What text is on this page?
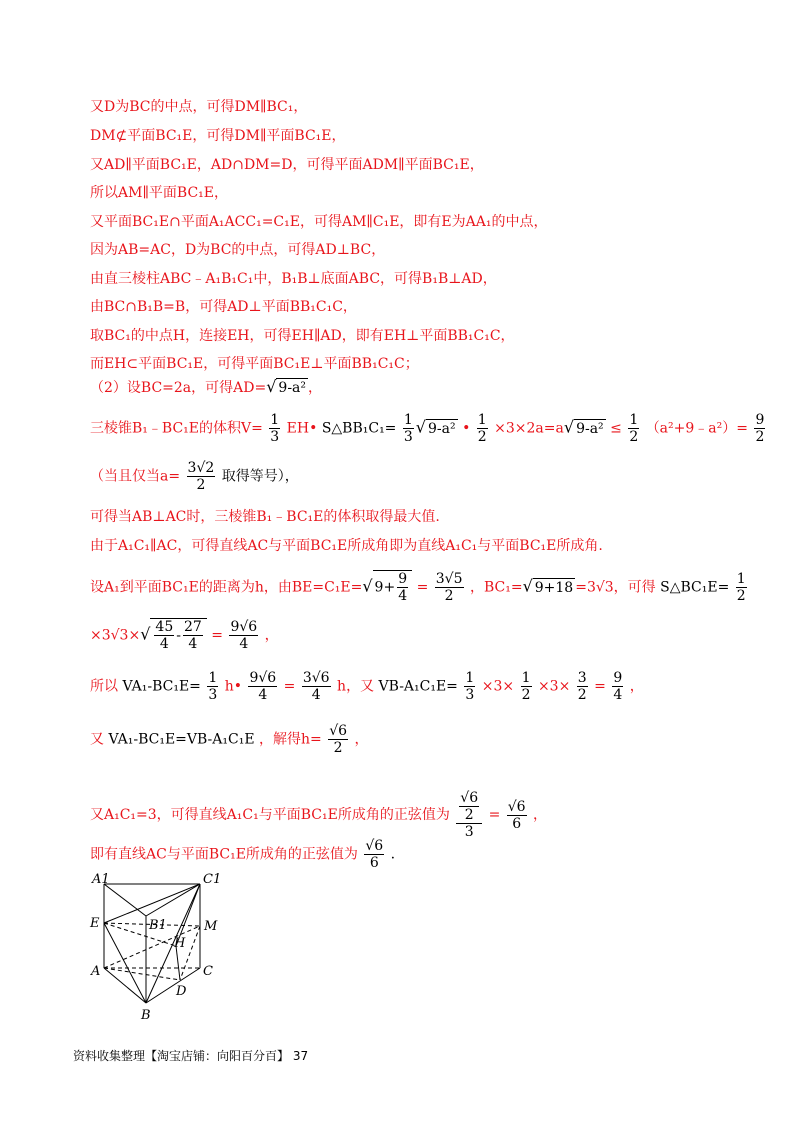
又D为BC的中点，可得DM∥BC₁，
DM⊄平面BC₁E，可得DM∥平面BC₁E，
又AD∥平面BC₁E，AD∩DM=D，可得平面ADM∥平面BC₁E，
所以AM∥平面BC₁E，
又平面BC₁E∩平面A₁ACC₁=C₁E，可得AM∥C₁E，即有E为AA₁的中点，
因为AB=AC，D为BC的中点，可得AD⊥BC，
由直三棱柱ABC﹣A₁B₁C₁中，B₁B⊥底面ABC，可得B₁B⊥AD，
由BC∩B₁B=B，可得AD⊥平面BB₁C₁C，
取BC₁的中点H，连接EH，可得EH∥AD，即有EH⊥平面BB₁C₁C，
而EH⊂平面BC₁E，可得平面BC₁E⊥平面BB₁C₁C；
（2）设BC=2a，可得AD=√ 9-a² ，
三棱锥B₁﹣BC₁E的体积$V= \frac{1}{3}$ EH• S△BB₁C₁= $\frac{1}{3}$ √ 9-a² • $\frac{1}{2} \times 3\times 2a=a√$ $9-a^2 \le \frac{1}{2}$ （a²+9﹣a²）= $\frac{9}{2}$
（当且仅当$a= \frac{3√2}{2}$ 取得等号），
可得当AB⊥AC时，三棱锥B₁﹣BC₁E的体积取得最大值.
由于A₁C₁∥AC，可得直线AC与平面BC₁E所成角即为直线A₁C₁与平面BC₁E所成角.
设A₁到平面BC₁E的距离为h，由BE=C₁E=√ $9+ \frac{9}{4} = \frac{3√5}{2}$ ，BC₁=√ 9+18 =3√3，可得 S△BC₁E= $\frac{1}{2}$
$\times 3√3\times√ \frac{45}{4} - \frac{27}{4} = \frac{9√6}{4}$ ，
所以 $VA_1-BC_1E= \frac{1}{3}$ h• $\frac{9√6}{4} = \frac{3√6}{4}$ h，又 $VB-A_1C_1E= \frac{1}{3} \times 3\times \frac{1}{2} \times 3\times \frac{3}{2} = \frac{9}{4}$ ，
又 VA₁-BC₁E=VB-A₁C₁E ，解得$h= \frac{√6}{2}$ ，
又A₁C₁=3，可得直线A₁C₁与平面BC₁E所成角的正弦值为 $\frac{\frac{√6}{2}}{3} = \frac{√6}{6}$ ，
即有直线AC与平面BC₁E所成角的正弦值为 $\frac{√6}{6}$ .
A1	C1
E	B1	M
H
A	C
D
B
资料收集整理【淘宝店铺：向阳百分百】 37
